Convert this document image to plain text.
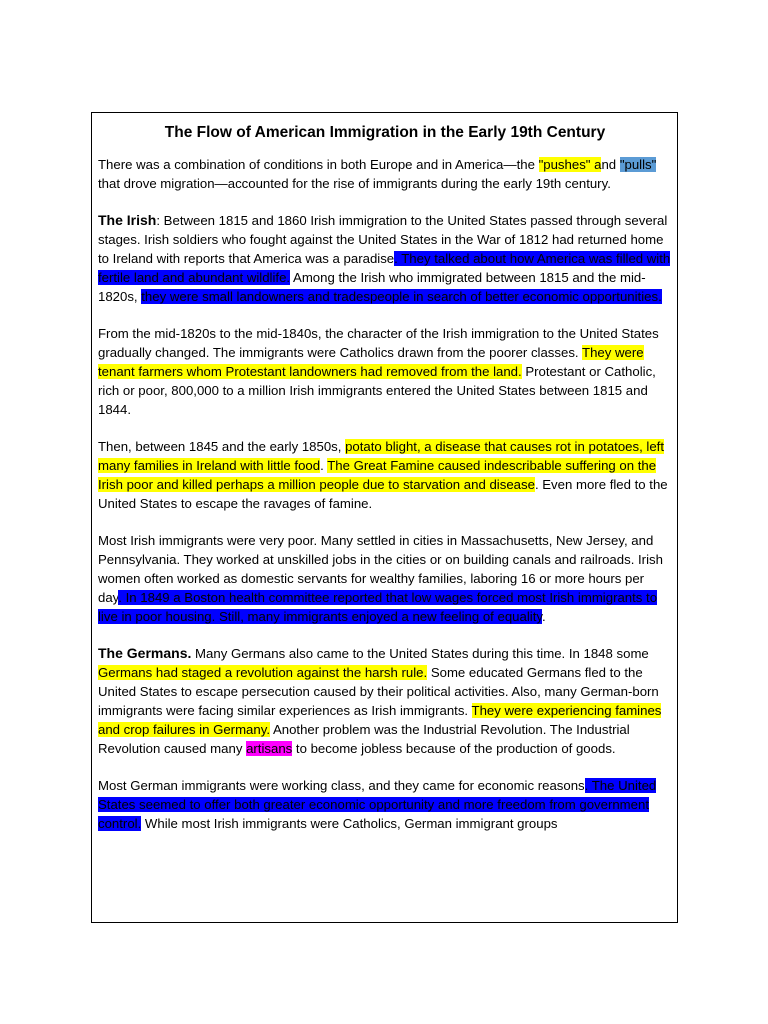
The Flow of American Immigration in the Early 19th Century

There was a combination of conditions in both Europe and in America—the "pushes" and "pulls" that drove migration—accounted for the rise of immigrants during the early 19th century.

The Irish: Between 1815 and 1860 Irish immigration to the United States passed through several stages. Irish soldiers who fought against the United States in the War of 1812 had returned home to Ireland with reports that America was a paradise. They talked about how America was filled with fertile land and abundant wildlife. Among the Irish who immigrated between 1815 and the mid-1820s, they were small landowners and tradespeople in search of better economic opportunities.

From the mid-1820s to the mid-1840s, the character of the Irish immigration to the United States gradually changed. The immigrants were Catholics drawn from the poorer classes. They were tenant farmers whom Protestant landowners had removed from the land. Protestant or Catholic, rich or poor, 800,000 to a million Irish immigrants entered the United States between 1815 and 1844.

Then, between 1845 and the early 1850s, potato blight, a disease that causes rot in potatoes, left many families in Ireland with little food. The Great Famine caused indescribable suffering on the Irish poor and killed perhaps a million people due to starvation and disease. Even more fled to the United States to escape the ravages of famine.

Most Irish immigrants were very poor. Many settled in cities in Massachusetts, New Jersey, and Pennsylvania. They worked at unskilled jobs in the cities or on building canals and railroads. Irish women often worked as domestic servants for wealthy families, laboring 16 or more hours per
day. In 1849 a Boston health committee reported that low wages forced most Irish immigrants to live in poor housing. Still, many immigrants enjoyed a new feeling of equality.

The Germans. Many Germans also came to the United States during this time. In 1848 some Germans had staged a revolution against the harsh rule. Some educated Germans fled to the United States to escape persecution caused by their political activities. Also, many German-born immigrants were facing similar experiences as Irish immigrants. They were experiencing famines and crop failures in Germany. Another problem was the Industrial Revolution. The Industrial Revolution caused many artisans to become jobless because of the production of goods.

Most German immigrants were working class, and they came for economic reasons. The United States seemed to offer both greater economic opportunity and more freedom from government control. While most Irish immigrants were Catholics, German immigrant groups
